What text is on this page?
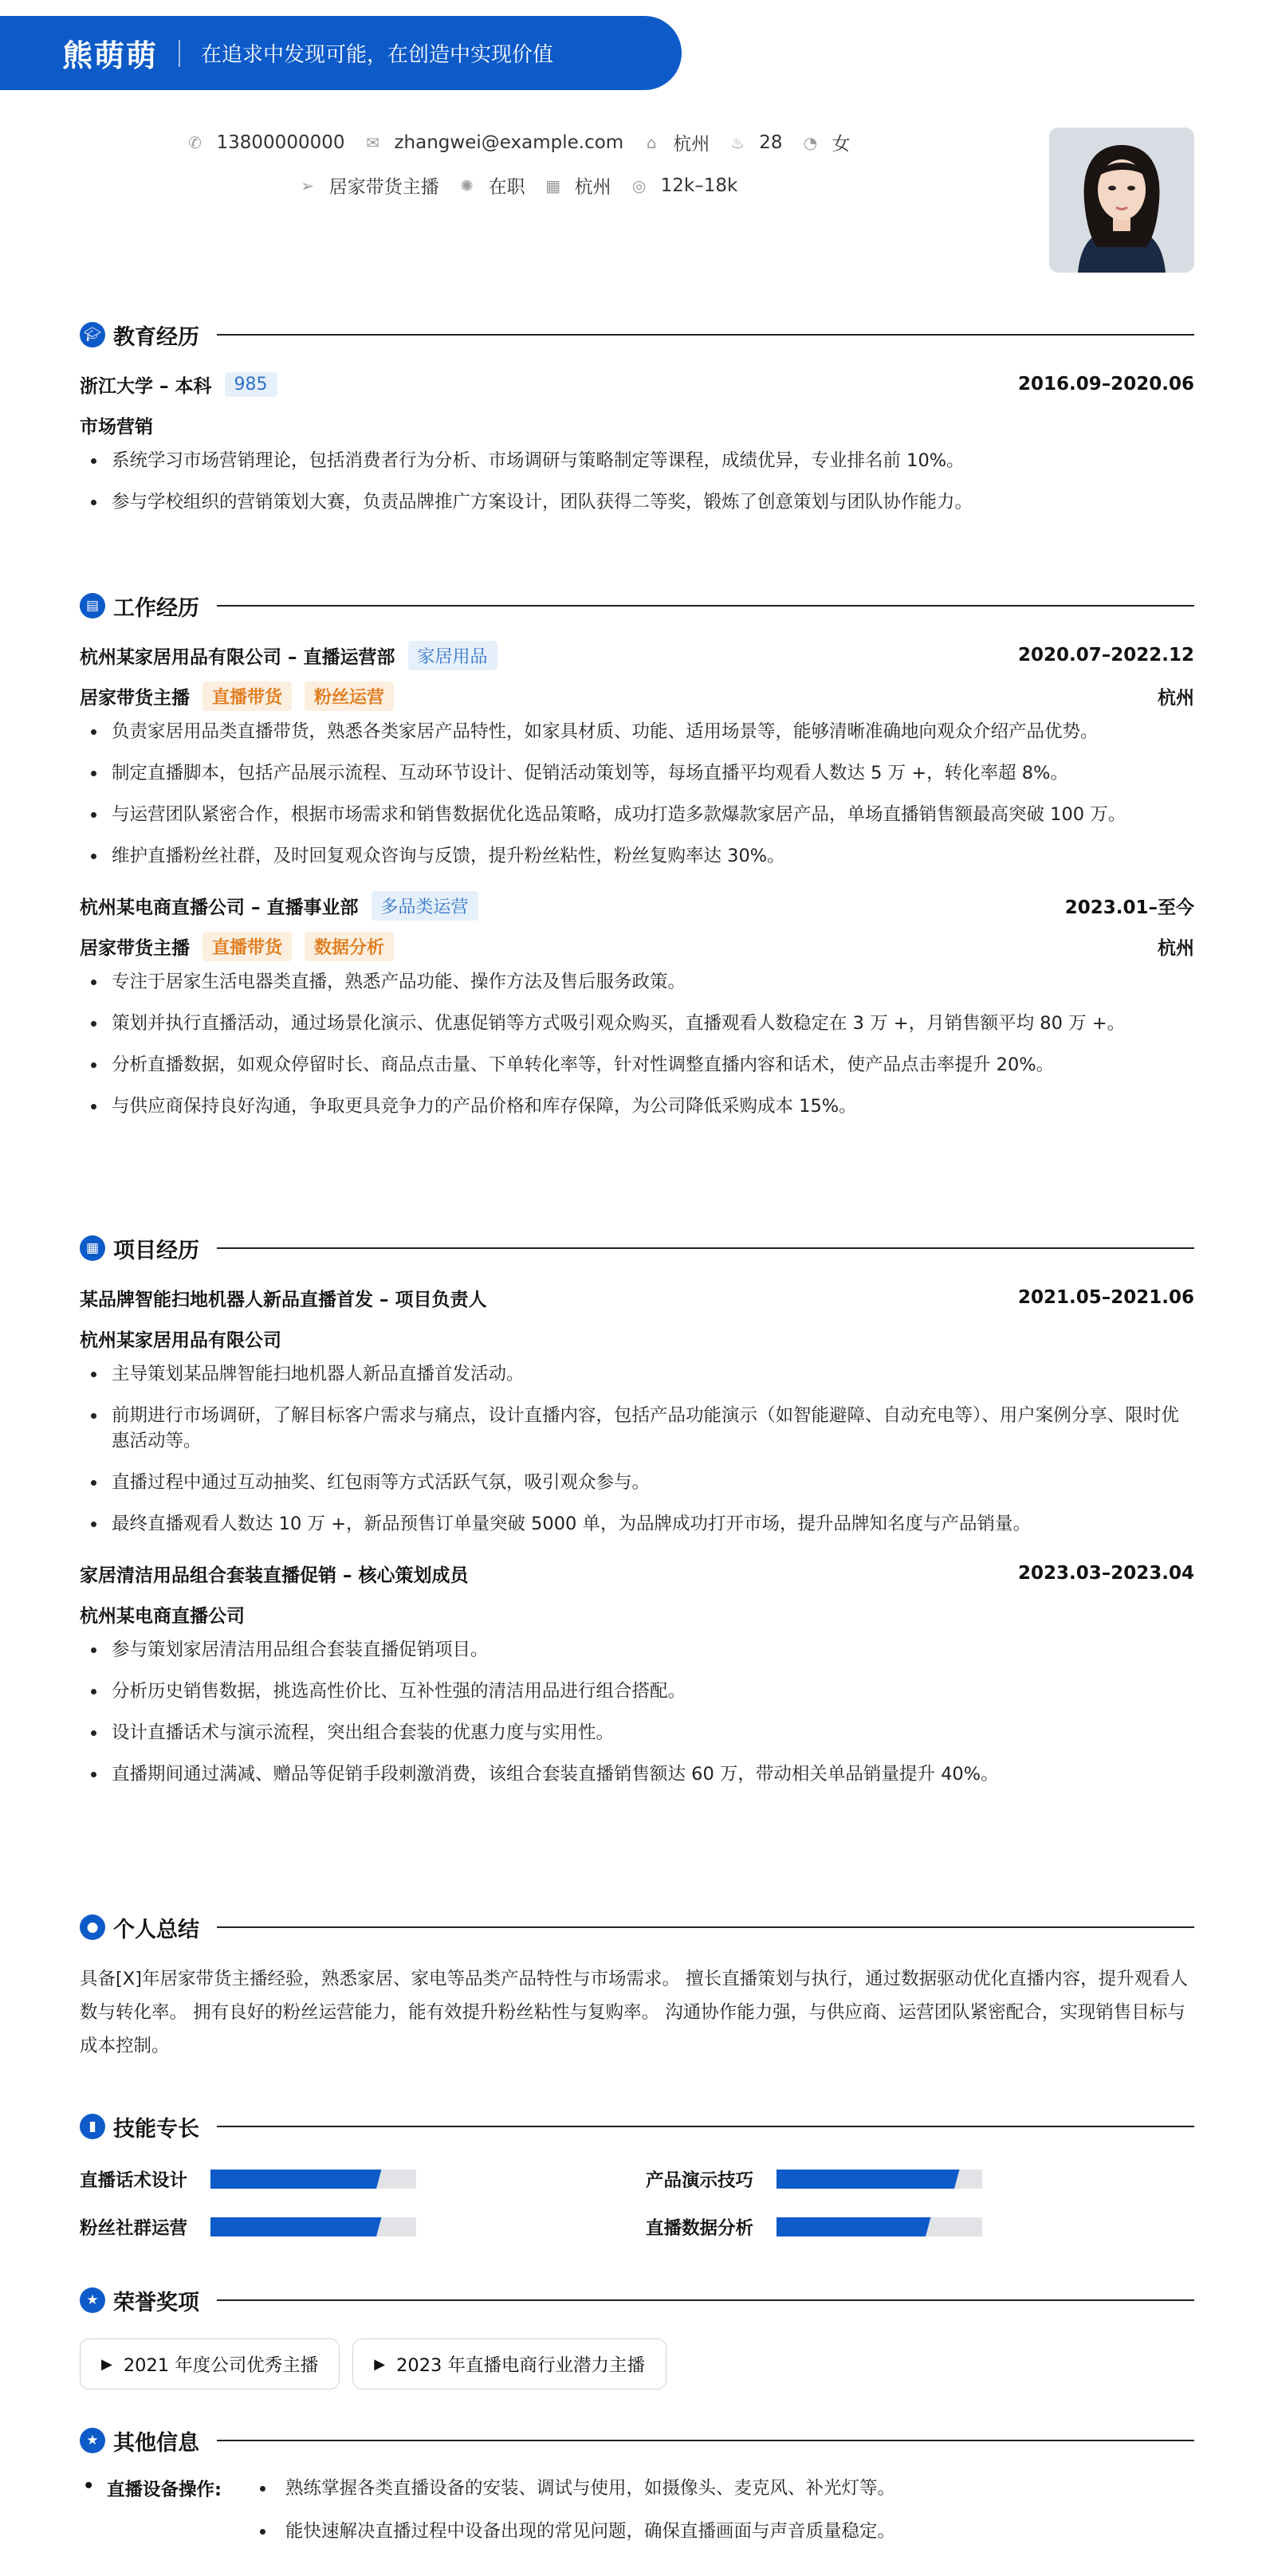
熊萌萌 在追求中发现可能，在创造中实现价值
✆ 13800000000 ✉ zhangwei@example.com ⌂ 杭州 ♨ 28 ◔ 女
➢ 居家带货主播 ✺ 在职 ▦ 杭州 ◎ 12k–18k
🎓︎ 教育经历
浙江大学 – 本科	985	2016.09–2020.06
市场营销
• 系统学习市场营销理论，包括消费者行为分析、市场调研与策略制定等课程，成绩优异，专业排名前 10%。
• 参与学校组织的营销策划大赛，负责品牌推广方案设计，团队获得二等奖，锻炼了创意策划与团队协作能力。
▤ 工作经历
杭州某家居用品有限公司 – 直播运营部	家居用品	2020.07–2022.12
居家带货主播	直播带货	粉丝运营	杭州
• 负责家居用品类直播带货，熟悉各类家居产品特性，如家具材质、功能、适用场景等，能够清晰准确地向观众介绍产品优势。
• 制定直播脚本，包括产品展示流程、互动环节设计、促销活动策划等，每场直播平均观看人数达 5 万 +，转化率超 8%。
• 与运营团队紧密合作，根据市场需求和销售数据优化选品策略，成功打造多款爆款家居产品，单场直播销售额最高突破 100 万。
• 维护直播粉丝社群，及时回复观众咨询与反馈，提升粉丝粘性，粉丝复购率达 30%。
杭州某电商直播公司 – 直播事业部	多品类运营	2023.01–至今
居家带货主播	直播带货	数据分析	杭州
• 专注于居家生活电器类直播，熟悉产品功能、操作方法及售后服务政策。
• 策划并执行直播活动，通过场景化演示、优惠促销等方式吸引观众购买，直播观看人数稳定在 3 万 +，月销售额平均 80 万 +。
• 分析直播数据，如观众停留时长、商品点击量、下单转化率等，针对性调整直播内容和话术，使产品点击率提升 20%。
• 与供应商保持良好沟通，争取更具竞争力的产品价格和库存保障，为公司降低采购成本 15%。
▦ 项目经历
某品牌智能扫地机器人新品直播首发 – 项目负责人	2021.05–2021.06
杭州某家居用品有限公司
• 主导策划某品牌智能扫地机器人新品直播首发活动。
• 前期进行市场调研，了解目标客户需求与痛点，设计直播内容，包括产品功能演示（如智能避障、自动充电等）、用户案例分享、限时优惠活动等。
• 直播过程中通过互动抽奖、红包雨等方式活跃气氛，吸引观众参与。
• 最终直播观看人数达 10 万 +，新品预售订单量突破 5000 单，为品牌成功打开市场，提升品牌知名度与产品销量。
家居清洁用品组合套装直播促销 – 核心策划成员	2023.03–2023.04
杭州某电商直播公司
• 参与策划家居清洁用品组合套装直播促销项目。
• 分析历史销售数据，挑选高性价比、互补性强的清洁用品进行组合搭配。
• 设计直播话术与演示流程，突出组合套装的优惠力度与实用性。
• 直播期间通过满减、赠品等促销手段刺激消费，该组合套装直播销售额达 60 万，带动相关单品销量提升 40%。
● 个人总结
具备[X]年居家带货主播经验，熟悉家居、家电等品类产品特性与市场需求。 擅长直播策划与执行，通过数据驱动优化直播内容，提升观看人数与转化率。 拥有良好的粉丝运营能力，能有效提升粉丝粘性与复购率。 沟通协作能力强，与供应商、运营团队紧密配合，实现销售目标与成本控制。
▮ 技能专长
直播话术设计	产品演示技巧
粉丝社群运营	直播数据分析
★ 荣誉奖项
▶ 2021 年度公司优秀主播	▶ 2023 年直播电商行业潜力主播
★ 其他信息
• 直播设备操作:
•	熟练掌握各类直播设备的安装、调试与使用，如摄像头、麦克风、补光灯等。
• 能快速解决直播过程中设备出现的常见问题，确保直播画面与声音质量稳定。
